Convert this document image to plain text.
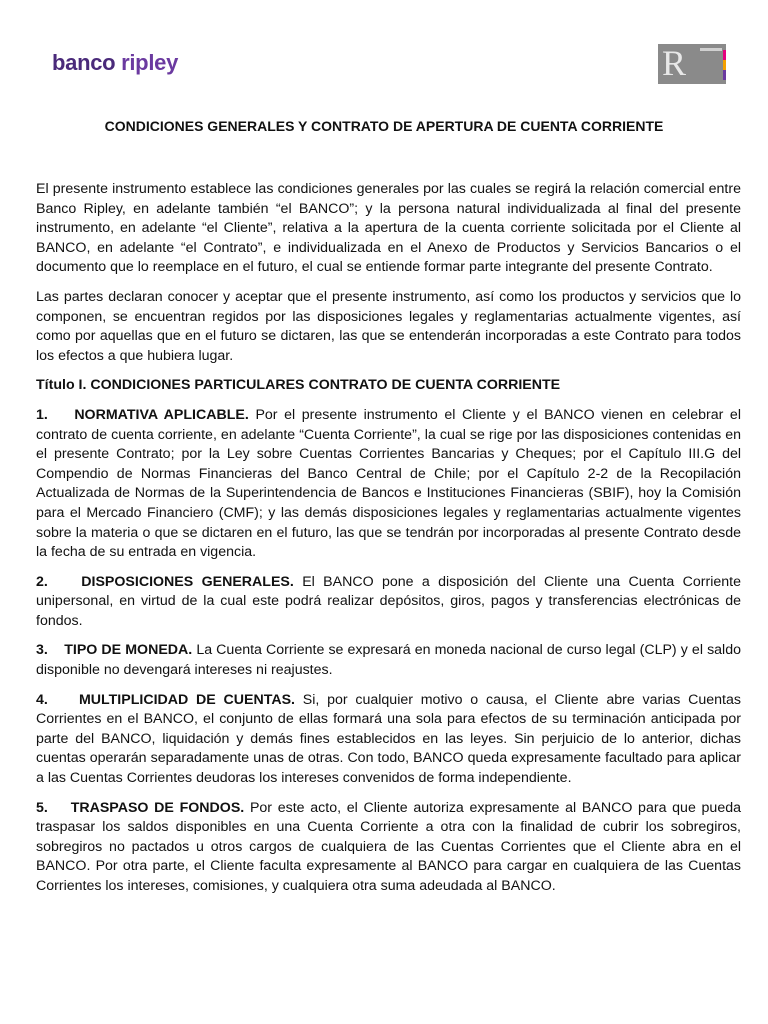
banco ripley	R
CONDICIONES GENERALES Y CONTRATO DE APERTURA DE CUENTA CORRIENTE

El presente instrumento establece las condiciones generales por las cuales se regirá la relación comercial entre Banco Ripley, en adelante también “el BANCO”; y la persona natural individualizada al final del presente instrumento, en adelante “el Cliente”, relativa a la apertura de la cuenta corriente solicitada por el Cliente al BANCO, en adelante “el Contrato”, e individualizada en el Anexo de Productos y Servicios Bancarios o el documento que lo reemplace en el futuro, el cual se entiende formar parte integrante del presente Contrato.

Las partes declaran conocer y aceptar que el presente instrumento, así como los productos y servicios que lo componen, se encuentran regidos por las disposiciones legales y reglamentarias actualmente vigentes, así como por aquellas que en el futuro se dictaren, las que se entenderán incorporadas a este Contrato para todos los efectos a que hubiera lugar.

Título I. CONDICIONES PARTICULARES CONTRATO DE CUENTA CORRIENTE

1. NORMATIVA APLICABLE. Por el presente instrumento el Cliente y el BANCO vienen en celebrar el contrato de cuenta corriente, en adelante “Cuenta Corriente”, la cual se rige por las disposiciones contenidas en el presente Contrato; por la Ley sobre Cuentas Corrientes Bancarias y Cheques; por el Capítulo III.G del Compendio de Normas Financieras del Banco Central de Chile; por el Capítulo 2-2 de la Recopilación Actualizada de Normas de la Superintendencia de Bancos e Instituciones Financieras (SBIF), hoy la Comisión para el Mercado Financiero (CMF); y las demás disposiciones legales y reglamentarias actualmente vigentes sobre la materia o que se dictaren en el futuro, las que se tendrán por incorporadas al presente Contrato desde la fecha de su entrada en vigencia.

2. DISPOSICIONES GENERALES. El BANCO pone a disposición del Cliente una Cuenta Corriente unipersonal, en virtud de la cual este podrá realizar depósitos, giros, pagos y transferencias electrónicas de fondos.

3. TIPO DE MONEDA. La Cuenta Corriente se expresará en moneda nacional de curso legal (CLP) y el saldo disponible no devengará intereses ni reajustes.

4. MULTIPLICIDAD DE CUENTAS. Si, por cualquier motivo o causa, el Cliente abre varias Cuentas Corrientes en el BANCO, el conjunto de ellas formará una sola para efectos de su terminación anticipada por parte del BANCO, liquidación y demás fines establecidos en las leyes. Sin perjuicio de lo anterior, dichas cuentas operarán separadamente unas de otras. Con todo, BANCO queda expresamente facultado para aplicar a las Cuentas Corrientes deudoras los intereses convenidos de forma independiente.

5. TRASPASO DE FONDOS. Por este acto, el Cliente autoriza expresamente al BANCO para que pueda traspasar los saldos disponibles en una Cuenta Corriente a otra con la finalidad de cubrir los sobregiros, sobregiros no pactados u otros cargos de cualquiera de las Cuentas Corrientes que el Cliente abra en el BANCO. Por otra parte, el Cliente faculta expresamente al BANCO para cargar en cualquiera de las Cuentas Corrientes los intereses, comisiones, y cualquiera otra suma adeudada al BANCO.
